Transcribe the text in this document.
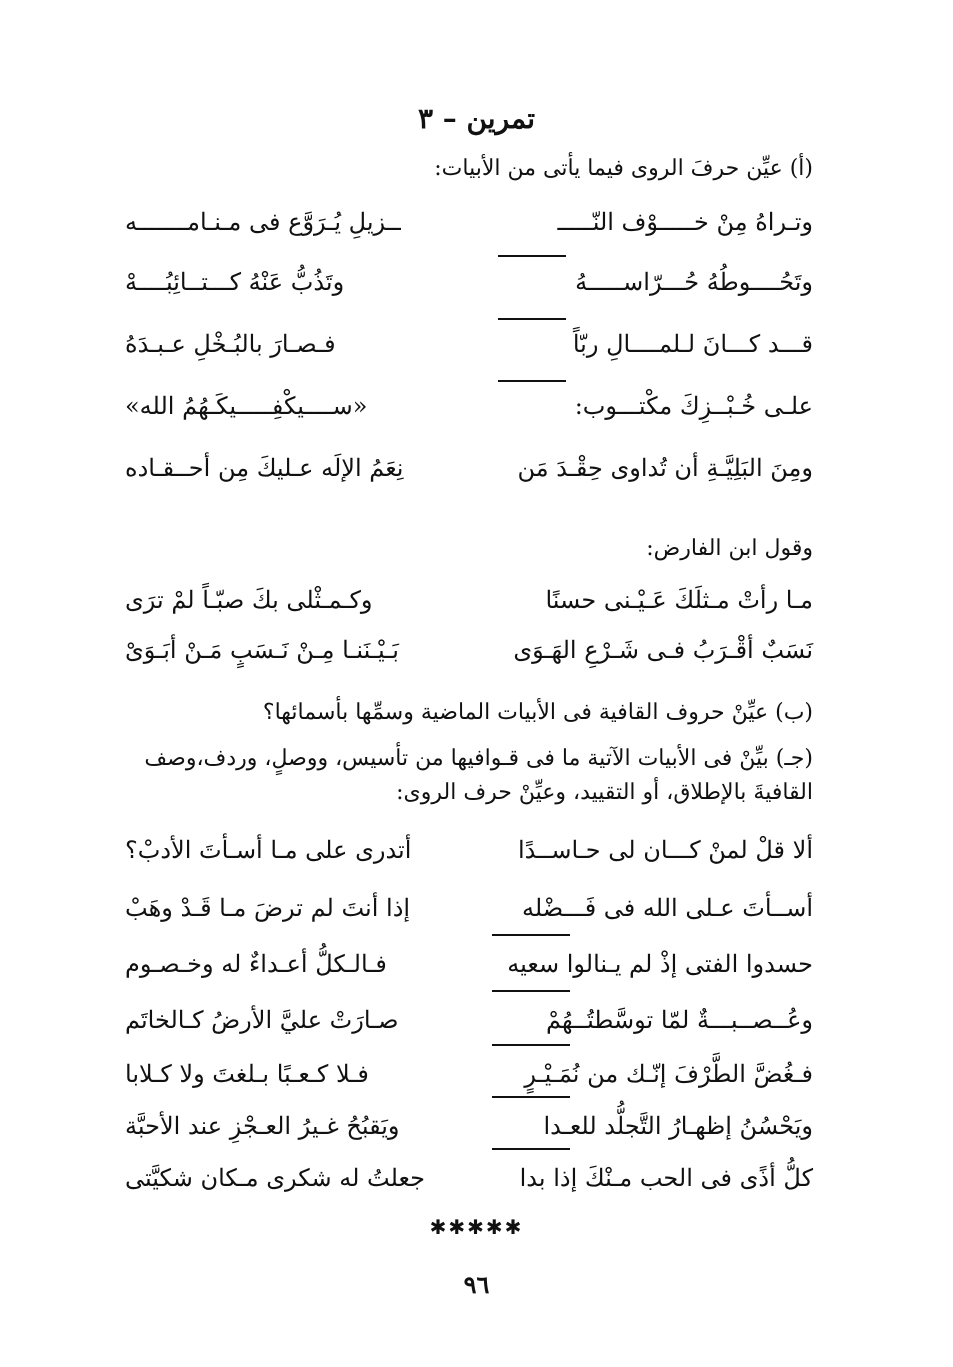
تمرين – ٣
(أ) عيِّن حرفَ الروى فيما يأتى من الأبيات:
وتـراهُ مِنْ خـــــوْف النّـــــ
ــزيلِ يُـرَوَّع فى مـنـامـــــــه
وتَحُــــوطُهُ حُـــرّاســـــهُ
وتَذُبُّ عَنْهُ كـــتــائِبُــــهْ
قـــد كـــانَ لـلمــــالِ ربّاً
فـصـارَ بالبُـخْلِ عـبـدَهُ
علـى خُـبْــزِكَ مكْتـــوب:
«ســــيكْفِـــــيكَـهُمُ الله»
ومِنَ البَلِيَّـةِ أن تُداوى حِقْـدَ مَن
نِعَمُ الإلَه عـليكَ مِن أحــقـاده
وقول ابن الفارض:
مـا رأتْ مـثلَكَ عَـيْـنى حسنًا
وكـمـثْلى بكَ صبّـاً لمْ ترَى
نَسَبٌ أقْـرَبُ فـى شَـرْعِ الهَـوَى
بَـيْـنَنـا مِـنْ نَـسَبٍ مَـنْ أبَـوَىْ
(ب) عيِّنْ حروف القافية فى الأبيات الماضية وسمِّها بأسمائها؟
(جـ) بيِّنْ فى الأبيات الآتية ما فى قـوافيها من تأسيس، ووصلٍ، وردف،وصف القافيةَ بالإطلاق، أو التقييد، وعيِّنْ حرف الروى:
ألا قلْ لمنْ كـــان لى حـاســدًا
أتدرى على مـا أسـأتَ الأدبْ؟
أســأتَ عـلى الله فى فَـــضْله
إذا أنتَ لم ترضَ مـا قَـدْ وهَبْ
حسدوا الفتى إذْ لم يـنالوا سعيه
فـالـكلُّ أعـداءٌ له وخـصـوم
وعُــصــبـــةٌ لمّا توسَّطتُــهُمْ
صـارَتْ عليَّ الأرضُ كـالخاتَم
فـغُضَّ الطَّرْفَ إنّـك من نُمَـيْـرٍ
فـلا كـعـبًا بـلغتَ ولا كـلابا
ويَحْسُنُ إظهـارُ التَّجلُّد للعـدا
ويَقبُحُ غـيرُ العـجْزِ عند الأحبَّة
كلُّ أذًى فى الحب مـنْكَ إذا بدا
جعلتُ له شكرى مـكان شكيَّتى
✱✱✱✱✱
٩٦
